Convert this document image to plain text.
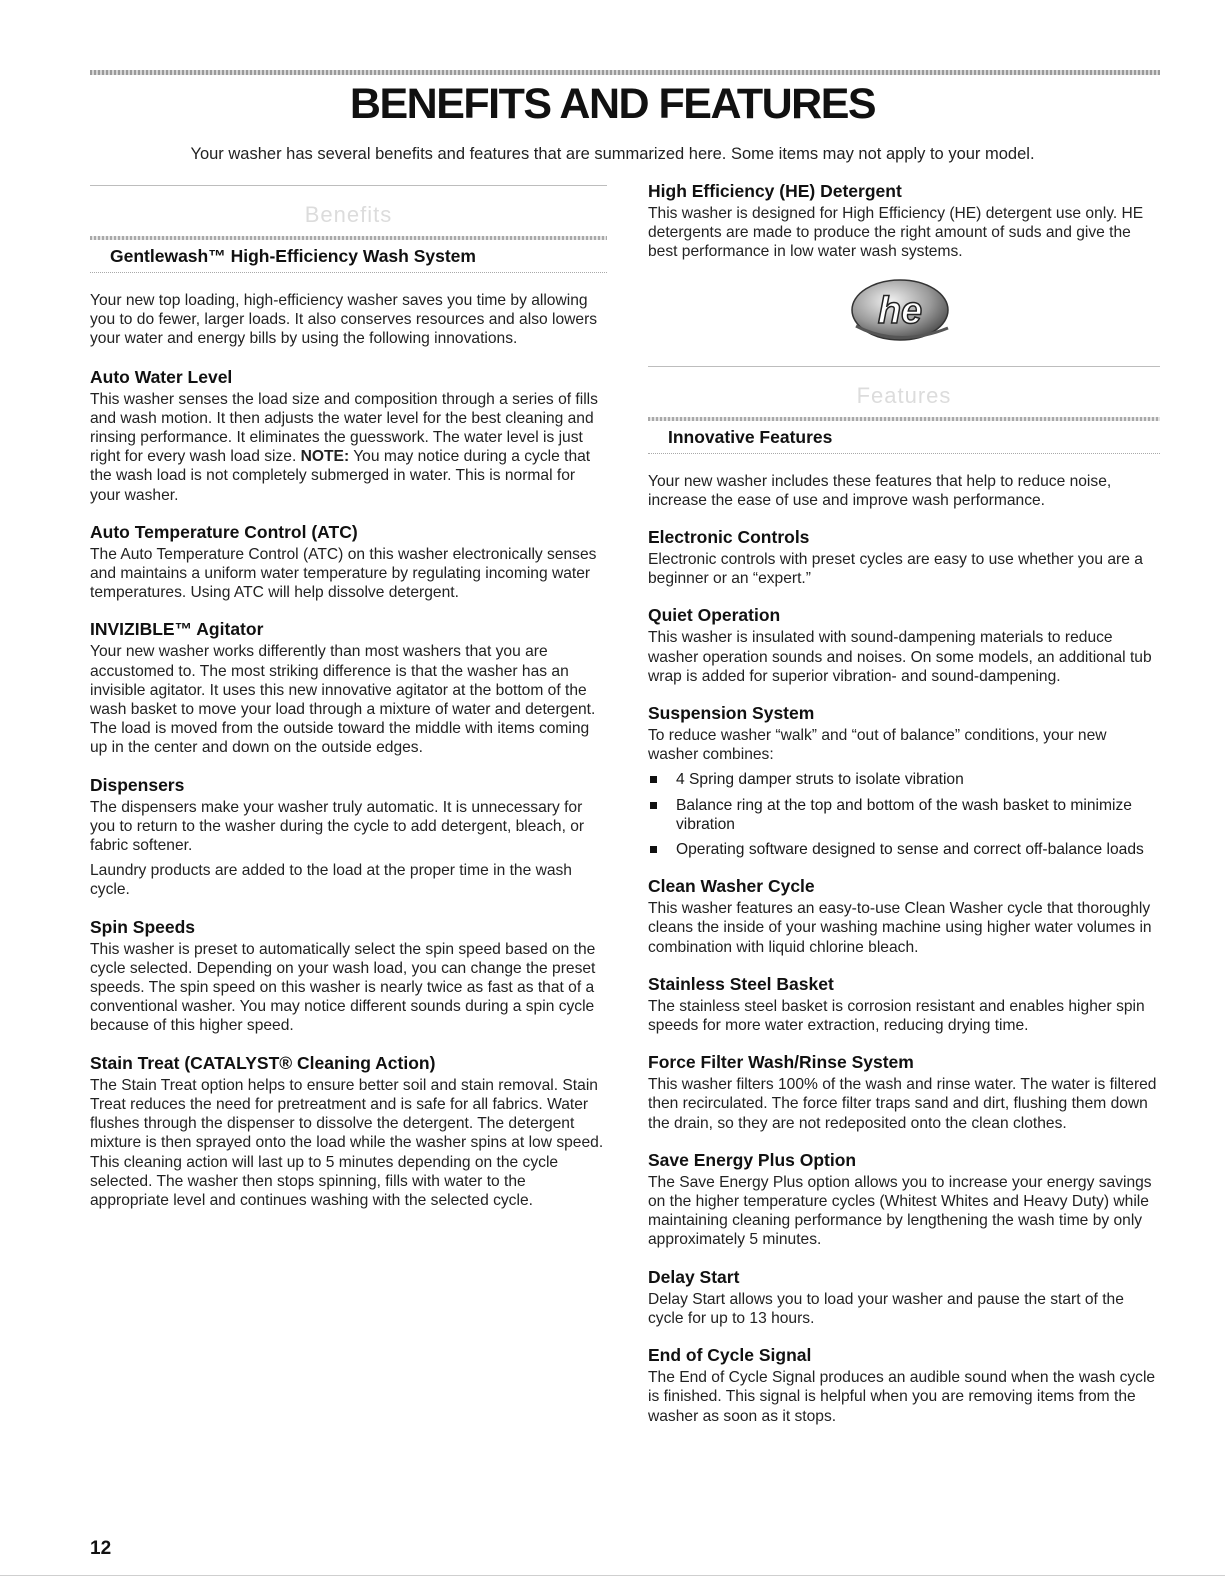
BENEFITS AND FEATURES
Your washer has several benefits and features that are summarized here. Some items may not apply to your model.
Benefits
Gentlewash™ High-Efficiency Wash System

Your new top loading, high-efficiency washer saves you time by allowing you to do fewer, larger loads. It also conserves resources and also lowers your water and energy bills by using the following innovations.

Auto Water Level

This washer senses the load size and composition through a series of fills and wash motion. It then adjusts the water level for the best cleaning and rinsing performance. It eliminates the guesswork. The water level is just right for every wash load size. NOTE: You may notice during a cycle that the wash load is not completely submerged in water. This is normal for your washer.

Auto Temperature Control (ATC)

The Auto Temperature Control (ATC) on this washer electronically senses and maintains a uniform water temperature by regulating incoming water temperatures. Using ATC will help dissolve detergent.

INVIZIBLE™ Agitator

Your new washer works differently than most washers that you are accustomed to. The most striking difference is that the washer has an invisible agitator. It uses this new innovative agitator at the bottom of the wash basket to move your load through a mixture of water and detergent. The load is moved from the outside toward the middle with items coming up in the center and down on the outside edges.

Dispensers

The dispensers make your washer truly automatic. It is unnecessary for you to return to the washer during the cycle to add detergent, bleach, or fabric softener.

Laundry products are added to the load at the proper time in the wash cycle.

Spin Speeds

This washer is preset to automatically select the spin speed based on the cycle selected. Depending on your wash load, you can change the preset speeds. The spin speed on this washer is nearly twice as fast as that of a conventional washer. You may notice different sounds during a spin cycle because of this higher speed.

Stain Treat (CATALYST® Cleaning Action)

The Stain Treat option helps to ensure better soil and stain removal. Stain Treat reduces the need for pretreatment and is safe for all fabrics. Water flushes through the dispenser to dissolve the detergent. The detergent mixture is then sprayed onto the load while the washer spins at low speed. This cleaning action will last up to 5 minutes depending on the cycle selected. The washer then stops spinning, fills with water to the appropriate level and continues washing with the selected cycle.

High Efficiency (HE) Detergent

This washer is designed for High Efficiency (HE) detergent use only. HE detergents are made to produce the right amount of suds and give the best performance in low water wash systems.

he
Features
Innovative Features

Your new washer includes these features that help to reduce noise, increase the ease of use and improve wash performance.

Electronic Controls

Electronic controls with preset cycles are easy to use whether you are a beginner or an “expert.”

Quiet Operation

This washer is insulated with sound-dampening materials to reduce washer operation sounds and noises. On some models, an additional tub wrap is added for superior vibration- and sound-dampening.

Suspension System

To reduce washer “walk” and “out of balance” conditions, your new washer combines:

4 Spring damper struts to isolate vibration
Balance ring at the top and bottom of the wash basket to minimize vibration
Operating software designed to sense and correct off-balance loads
Clean Washer Cycle

This washer features an easy-to-use Clean Washer cycle that thoroughly cleans the inside of your washing machine using higher water volumes in combination with liquid chlorine bleach.

Stainless Steel Basket

The stainless steel basket is corrosion resistant and enables higher spin speeds for more water extraction, reducing drying time.

Force Filter Wash/Rinse System

This washer filters 100% of the wash and rinse water. The water is filtered then recirculated. The force filter traps sand and dirt, flushing them down the drain, so they are not redeposited onto the clean clothes.

Save Energy Plus Option

The Save Energy Plus option allows you to increase your energy savings on the higher temperature cycles (Whitest Whites and Heavy Duty) while maintaining cleaning performance by lengthening the wash time by only approximately 5 minutes.

Delay Start

Delay Start allows you to load your washer and pause the start of the cycle for up to 13 hours.

End of Cycle Signal

The End of Cycle Signal produces an audible sound when the wash cycle is finished. This signal is helpful when you are removing items from the washer as soon as it stops.

12
